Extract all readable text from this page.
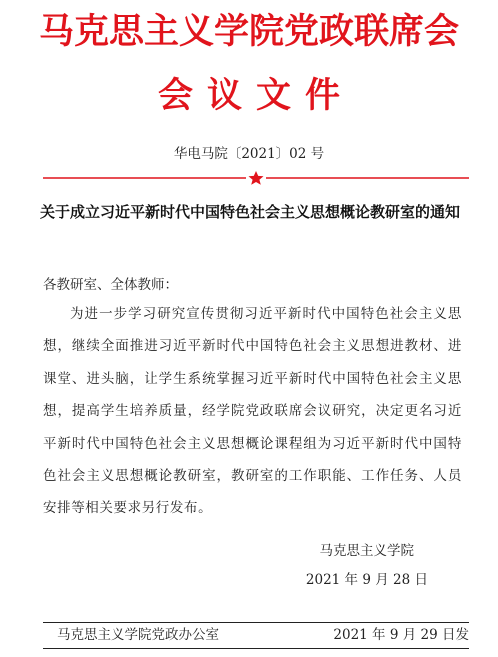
马克思主义学院党政联席会
会议文件
华电马院〔2021〕02 号
关于成立习近平新时代中国特色社会主义思想概论教研室的通知
各教研室、全体教师：
为进一步学习研究宣传贯彻习近平新时代中国特色社会主义思想，继续全面推进习近平新时代中国特色社会主义思想进教材、进课堂、进头脑，让学生系统掌握习近平新时代中国特色社会主义思想，提高学生培养质量，经学院党政联席会议研究，决定更名习近平新时代中国特色社会主义思想概论课程组为习近平新时代中国特色社会主义思想概论教研室，教研室的工作职能、工作任务、人员安排等相关要求另行发布。
马克思主义学院
2021 年 9 月 28 日
马克思主义学院党政办公室	2021 年 9 月 29 日发
